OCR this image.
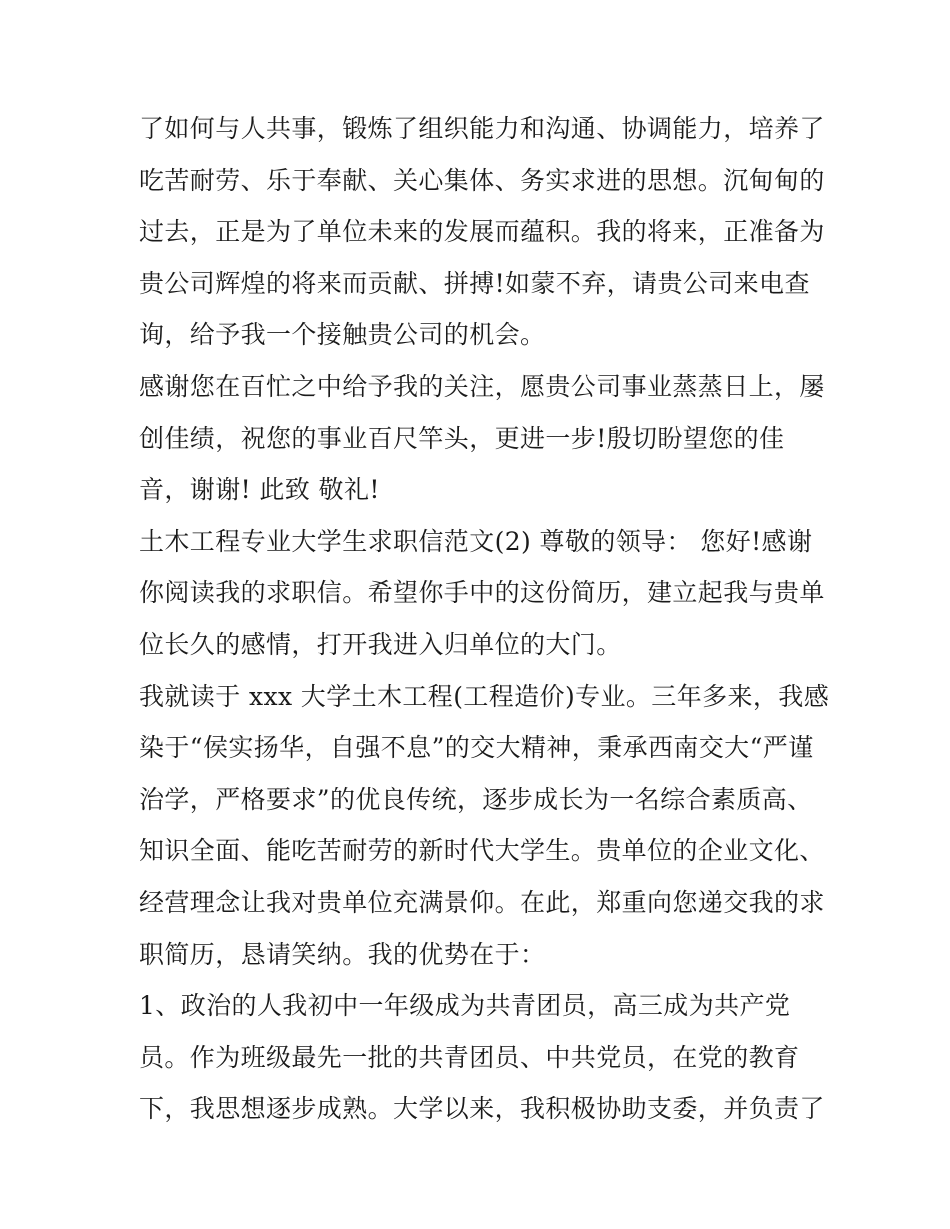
了如何与人共事，锻炼了组织能力和沟通、协调能力，培养了
吃苦耐劳、乐于奉献、关心集体、务实求进的思想。沉甸甸的
过去，正是为了单位未来的发展而蕴积。我的将来，正准备为
贵公司辉煌的将来而贡献、拼搏!如蒙不弃，请贵公司来电查
询，给予我一个接触贵公司的机会。
感谢您在百忙之中给予我的关注，愿贵公司事业蒸蒸日上，屡
创佳绩，祝您的事业百尺竿头，更进一步!殷切盼望您的佳
音，谢谢! 此致 敬礼!
土木工程专业大学生求职信范文(2) 尊敬的领导： 您好!感谢
你阅读我的求职信。希望你手中的这份简历，建立起我与贵单
位长久的感情，打开我进入归单位的大门。
我就读于 xxx 大学土木工程(工程造价)专业。三年多来，我感
染于“侯实扬华，自强不息”的交大精神，秉承西南交大“严谨
治学，严格要求”的优良传统，逐步成长为一名综合素质高、
知识全面、能吃苦耐劳的新时代大学生。贵单位的企业文化、
经营理念让我对贵单位充满景仰。在此，郑重向您递交我的求
职简历，恳请笑纳。我的优势在于：
1、政治的人我初中一年级成为共青团员，高三成为共产党
员。作为班级最先一批的共青团员、中共党员，在党的教育
下，我思想逐步成熟。大学以来，我积极协助支委，并负责了
